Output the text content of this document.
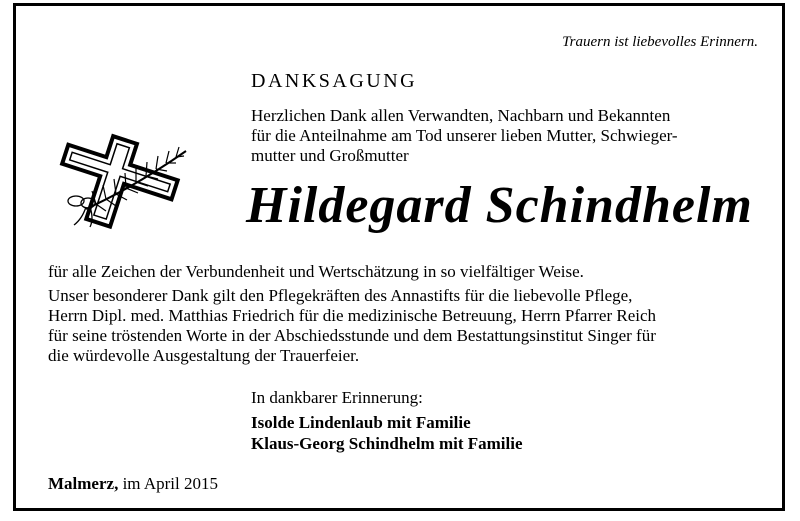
Trauern ist liebevolles Erinnern.
DANKSAGUNG
Herzlichen Dank allen Verwandten, Nachbarn und Bekannten
für die Anteilnahme am Tod unserer lieben Mutter, Schwieger-
mutter und Großmutter
Hildegard Schindhelm
für alle Zeichen der Verbundenheit und Wertschätzung in so vielfältiger Weise.
Unser besonderer Dank gilt den Pflegekräften des Annastifts für die liebevolle Pflege,
Herrn Dipl. med. Matthias Friedrich für die medizinische Betreuung, Herrn Pfarrer Reich
für seine tröstenden Worte in der Abschiedsstunde und dem Bestattungsinstitut Singer für
die würdevolle Ausgestaltung der Trauerfeier.
In dankbarer Erinnerung:
Isolde Lindenlaub mit Familie
Klaus-Georg Schindhelm mit Familie
Malmerz, im April 2015
